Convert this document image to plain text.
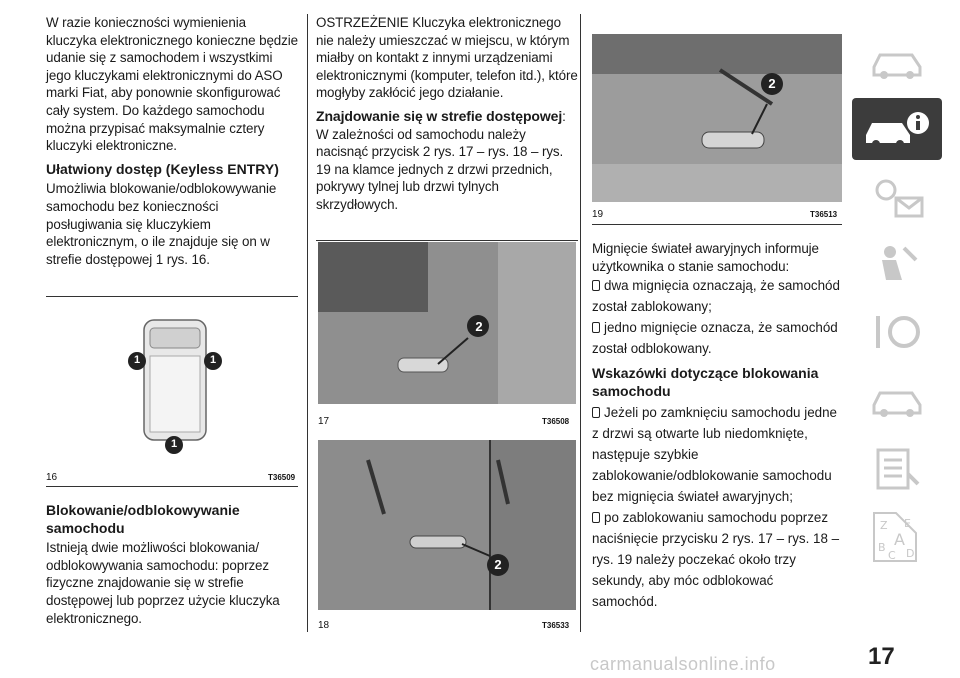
W razie konieczności wymienienia kluczyka elektronicznego konieczne będzie udanie się z samochodem i wszystkimi jego kluczykami elektronicznymi do ASO marki Fiat, aby ponownie skonfigurować cały system. Do każdego samochodu można przypisać maksymalnie cztery kluczyki elektroniczne.

Ułatwiony dostęp (Keyless ENTRY)

Umożliwia blokowanie/odblokowywanie samochodu bez konieczności posługiwania się kluczykiem elektronicznym, o ile znajduje się on w strefie dostępowej 1 rys. 16.

1	1
1
16	T36509
Blokowanie/odblokowywanie samochodu

Istnieją dwie możliwości blokowania/ odblokowywania samochodu: poprzez fizyczne znajdowanie się w strefie dostępowej lub poprzez użycie kluczyka elektronicznego.

OSTRZEŻENIE Kluczyka elektronicznego nie należy umieszczać w miejscu, w którym miałby on kontakt z innymi urządzeniami elektronicznymi (komputer, telefon itd.), które mogłyby zakłócić jego działanie.

Znajdowanie się w strefie dostępowej: W zależności od samochodu należy nacisnąć przycisk 2 rys. 17 – rys. 18 – rys. 19 na klamce jednych z drzwi przednich, pokrywy tylnej lub drzwi tylnych skrzydłowych.

2
17	T36508
2
18	T36533
2
19	T36513

Mignięcie świateł awaryjnych informuje użytkownika o stanie samochodu:

dwa mignięcia oznaczają, że samochód został zablokowany;

jedno mignięcie oznacza, że samochód został odblokowany.

Wskazówki dotyczące blokowania samochodu

Jeżeli po zamknięciu samochodu jedne z drzwi są otwarte lub niedomknięte, następuje szybkie zablokowanie/odblokowanie samochodu bez mignięcia świateł awaryjnych;

po zablokowaniu samochodu poprzez naciśnięcie przycisku 2 rys. 17 – rys. 18 – rys. 19 należy poczekać około trzy sekundy, aby móc odblokować samochód.

Z E
B A
C D
17
carmanualsonline.info
